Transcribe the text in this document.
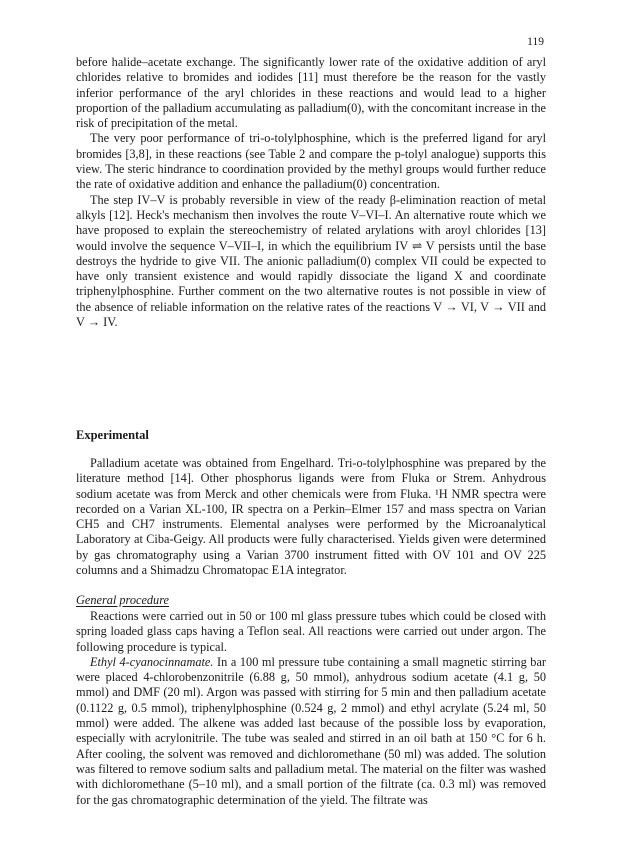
119

before halide–acetate exchange. The significantly lower rate of the oxidative addition of aryl chlorides relative to bromides and iodides [11] must therefore be the reason for the vastly inferior performance of the aryl chlorides in these reactions and would lead to a higher proportion of the palladium accumulating as palladium(0), with the concomitant increase in the risk of precipitation of the metal.

The very poor performance of tri-o-tolylphosphine, which is the preferred ligand for aryl bromides [3,8], in these reactions (see Table 2 and compare the p-tolyl analogue) supports this view. The steric hindrance to coordination provided by the methyl groups would further reduce the rate of oxidative addition and enhance the palladium(0) concentration.

The step IV–V is probably reversible in view of the ready β-elimination reaction of metal alkyls [12]. Heck's mechanism then involves the route V–VI–I. An alternative route which we have proposed to explain the stereochemistry of related arylations with aroyl chlorides [13] would involve the sequence V–VII–I, in which the equilibrium IV ⇌ V persists until the base destroys the hydride to give VII. The anionic palladium(0) complex VII could be expected to have only transient existence and would rapidly dissociate the ligand X and coordinate triphenylphosphine. Further comment on the two alternative routes is not possible in view of the absence of reliable information on the relative rates of the reactions V → VI, V → VII and V → IV.

Experimental

Palladium acetate was obtained from Engelhard. Tri-o-tolylphosphine was prepared by the literature method [14]. Other phosphorus ligands were from Fluka or Strem. Anhydrous sodium acetate was from Merck and other chemicals were from Fluka. ¹H NMR spectra were recorded on a Varian XL-100, IR spectra on a Perkin–Elmer 157 and mass spectra on Varian CH5 and CH7 instruments. Elemental analyses were performed by the Microanalytical Laboratory at Ciba-Geigy. All products were fully characterised. Yields given were determined by gas chromatography using a Varian 3700 instrument fitted with OV 101 and OV 225 columns and a Shimadzu Chromatopac E1A integrator.

General procedure

Reactions were carried out in 50 or 100 ml glass pressure tubes which could be closed with spring loaded glass caps having a Teflon seal. All reactions were carried out under argon. The following procedure is typical.

Ethyl 4-cyanocinnamate. In a 100 ml pressure tube containing a small magnetic stirring bar were placed 4-chlorobenzonitrile (6.88 g, 50 mmol), anhydrous sodium acetate (4.1 g, 50 mmol) and DMF (20 ml). Argon was passed with stirring for 5 min and then palladium acetate (0.1122 g, 0.5 mmol), triphenylphosphine (0.524 g, 2 mmol) and ethyl acrylate (5.24 ml, 50 mmol) were added. The alkene was added last because of the possible loss by evaporation, especially with acrylonitrile. The tube was sealed and stirred in an oil bath at 150 °C for 6 h. After cooling, the solvent was removed and dichloromethane (50 ml) was added. The solution was filtered to remove sodium salts and palladium metal. The material on the filter was washed with dichloromethane (5–10 ml), and a small portion of the filtrate (ca. 0.3 ml) was removed for the gas chromatographic determination of the yield. The filtrate was
